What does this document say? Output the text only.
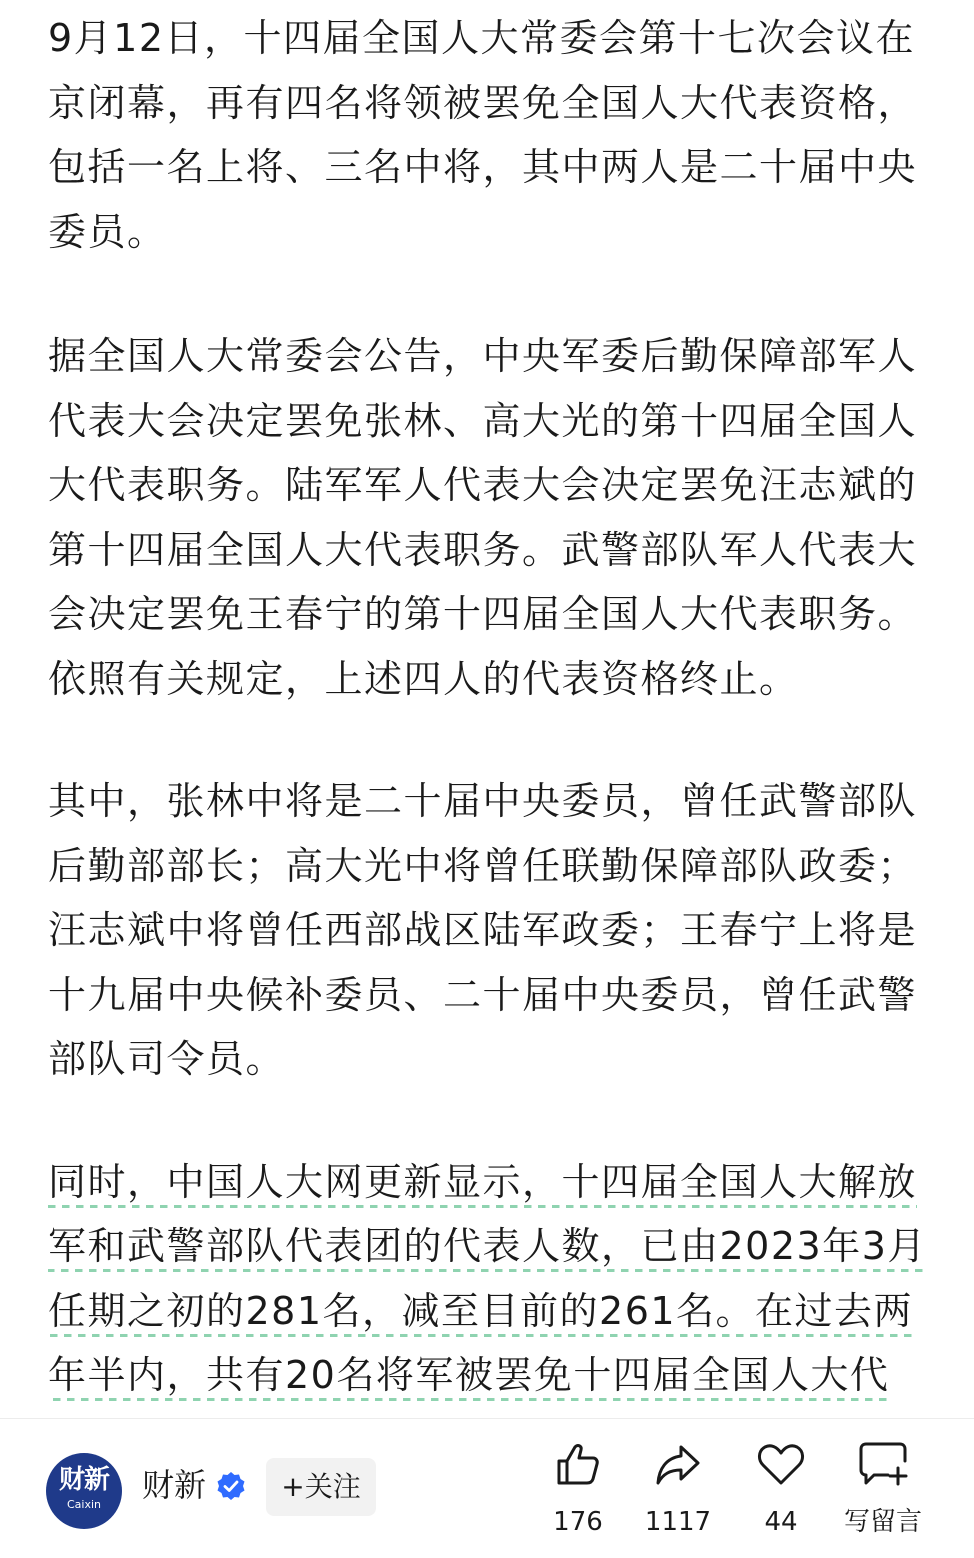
9月12日，十四届全国人大常委会第十七次会议在京闭幕，再有四名将领被罢免全国人大代表资格，包括一名上将、三名中将，其中两人是二十届中央委员。

据全国人大常委会公告，中央军委后勤保障部军人代表大会决定罢免张林、高大光的第十四届全国人大代表职务。陆军军人代表大会决定罢免汪志斌的第十四届全国人大代表职务。武警部队军人代表大会决定罢免王春宁的第十四届全国人大代表职务。依照有关规定，上述四人的代表资格终止。

其中，张林中将是二十届中央委员，曾任武警部队后勤部部长；高大光中将曾任联勤保障部队政委；汪志斌中将曾任西部战区陆军政委；王春宁上将是十九届中央候补委员、二十届中央委员，曾任武警部队司令员。

同时，中国人大网更新显示，十四届全国人大解放军和武警部队代表团的代表人数，已由2023年3月任期之初的281名，减至目前的261名。在过去两年半内，共有20名将军被罢免十四届全国人大代

财新
Caixin
财新	+关注
176	1117	44	写留言
